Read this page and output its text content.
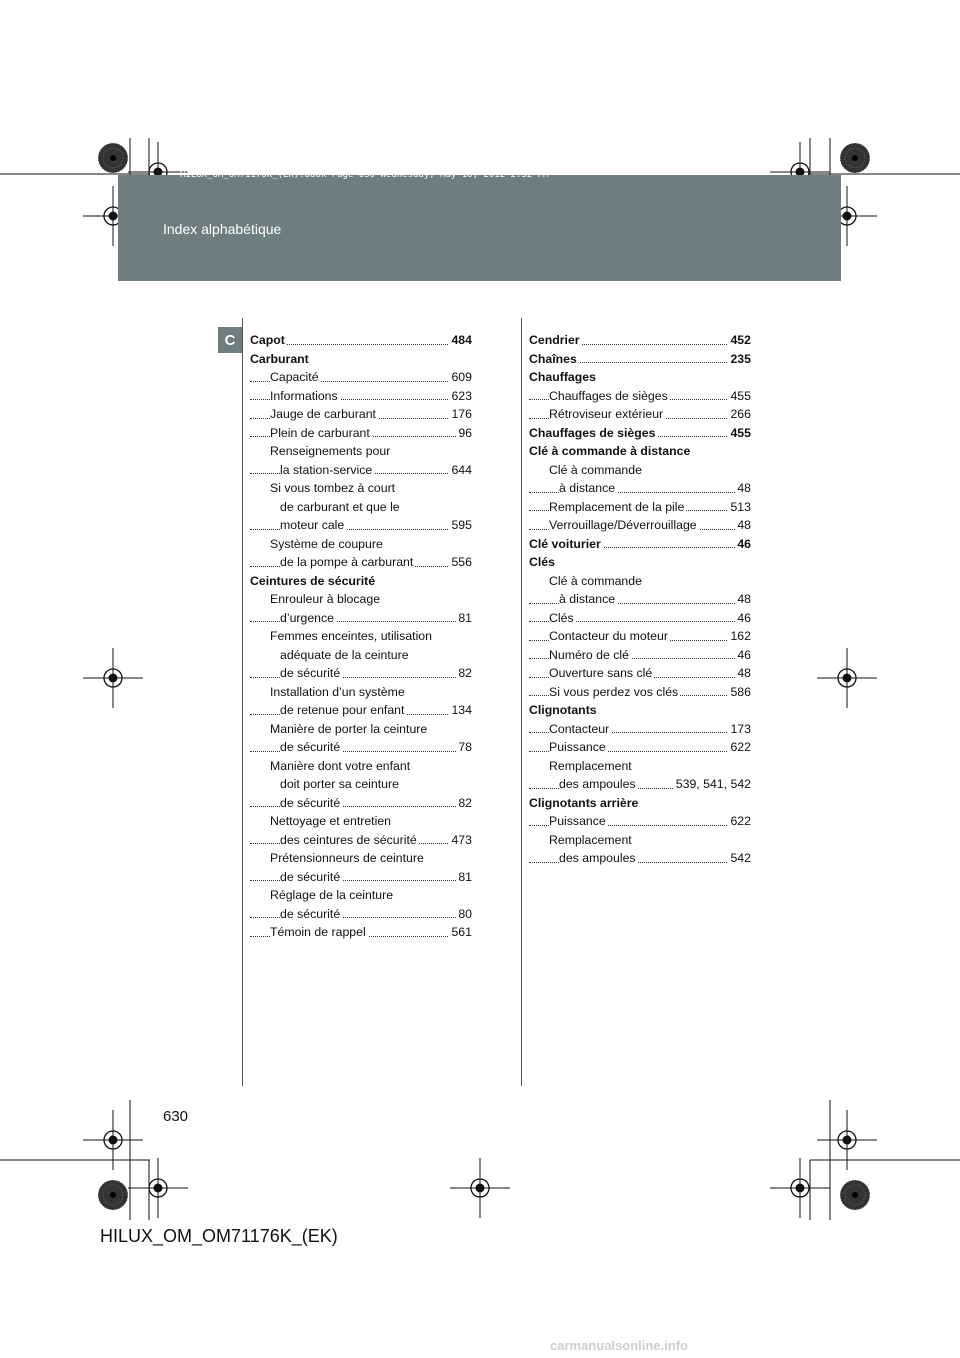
HILUX_OM_OM71176K_(EK).book Page 630 Wednesday, May 16, 2012 2:32 PM
Index alphabétique
C	Capot	484
Carburant
Capacité	609
Informations	623
Jauge de carburant	176
Plein de carburant	96
Renseignements pour
la station-service	644
Si vous tombez à court
de carburant et que le
moteur cale	595
Système de coupure
de la pompe à carburant	556
Ceintures de sécurité
Enrouleur à blocage
d’urgence	81
Femmes enceintes, utilisation
adéquate de la ceinture
de sécurité	82
Installation d’un système
de retenue pour enfant	134
Manière de porter la ceinture
de sécurité	78
Manière dont votre enfant
doit porter sa ceinture
de sécurité	82
Nettoyage et entretien
des ceintures de sécurité	473
Prétensionneurs de ceinture
de sécurité	81
Réglage de la ceinture
de sécurité	80
Témoin de rappel	561
Cendrier	452
Chaînes	235
Chauffages
Chauffages de sièges	455
Rétroviseur extérieur	266
Chauffages de sièges	455
Clé à commande à distance
Clé à commande
à distance	48
Remplacement de la pile	513
Verrouillage/Déverrouillage	48
Clé voiturier	46
Clés
Clé à commande
à distance	48
Clés	46
Contacteur du moteur	162
Numéro de clé	46
Ouverture sans clé	48
Si vous perdez vos clés	586
Clignotants
Contacteur	173
Puissance	622
Remplacement
des ampoules	539, 541, 542
Clignotants arrière
Puissance	622
Remplacement
des ampoules	542
630
HILUX_OM_OM71176K_(EK)
carmanualsonline.info
